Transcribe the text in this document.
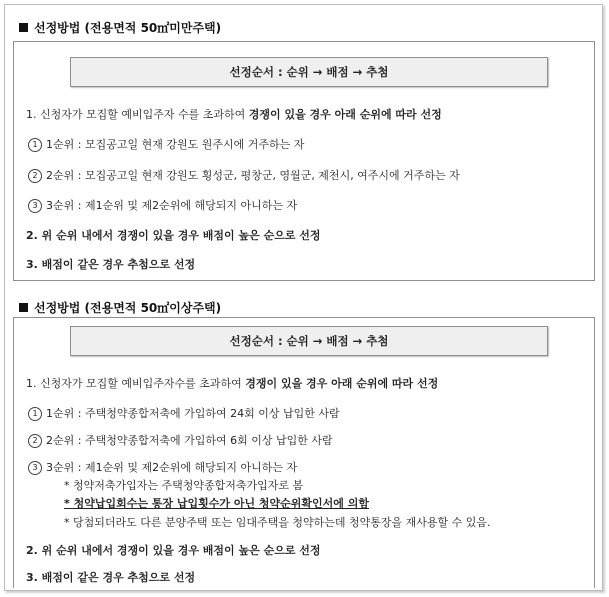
선정방법 (전용면적 50㎡미만주택)
선정순서 : 순위 → 배점 → 추첨
1. 신청자가 모집할 예비입주자 수를 초과하여 경쟁이 있을 경우 아래 순위에 따라 선정
1 1순위 : 모집공고일 현재 강원도 원주시에 거주하는 자
2 2순위 : 모집공고일 현재 강원도 횡성군, 평창군, 영월군, 제천시, 여주시에 거주하는 자
3 3순위 : 제1순위 및 제2순위에 해당되지 아니하는 자
2. 위 순위 내에서 경쟁이 있을 경우 배점이 높은 순으로 선정
3. 배점이 같은 경우 추첨으로 선정
선정방법 (전용면적 50㎡이상주택)
선정순서 : 순위 → 배점 → 추첨
1. 신청자가 모집할 예비입주자수를 초과하여 경쟁이 있을 경우 아래 순위에 따라 선정
1 1순위 : 주택청약종합저축에 가입하여 24회 이상 납입한 사람
2 2순위 : 주택청약종합저축에 가입하여 6회 이상 납입한 사람
3 3순위 : 제1순위 및 제2순위에 해당되지 아니하는 자
* 청약저축가입자는 주택청약종합저축가입자로 봄
* 청약납입회수는 통장 납입횟수가 아닌 청약순위확인서에 의함
* 당첨되더라도 다른 분양주택 또는 임대주택을 청약하는데 청약통장을 재사용할 수 있음.
2. 위 순위 내에서 경쟁이 있을 경우 배점이 높은 순으로 선정
3. 배점이 같은 경우 추첨으로 선정
